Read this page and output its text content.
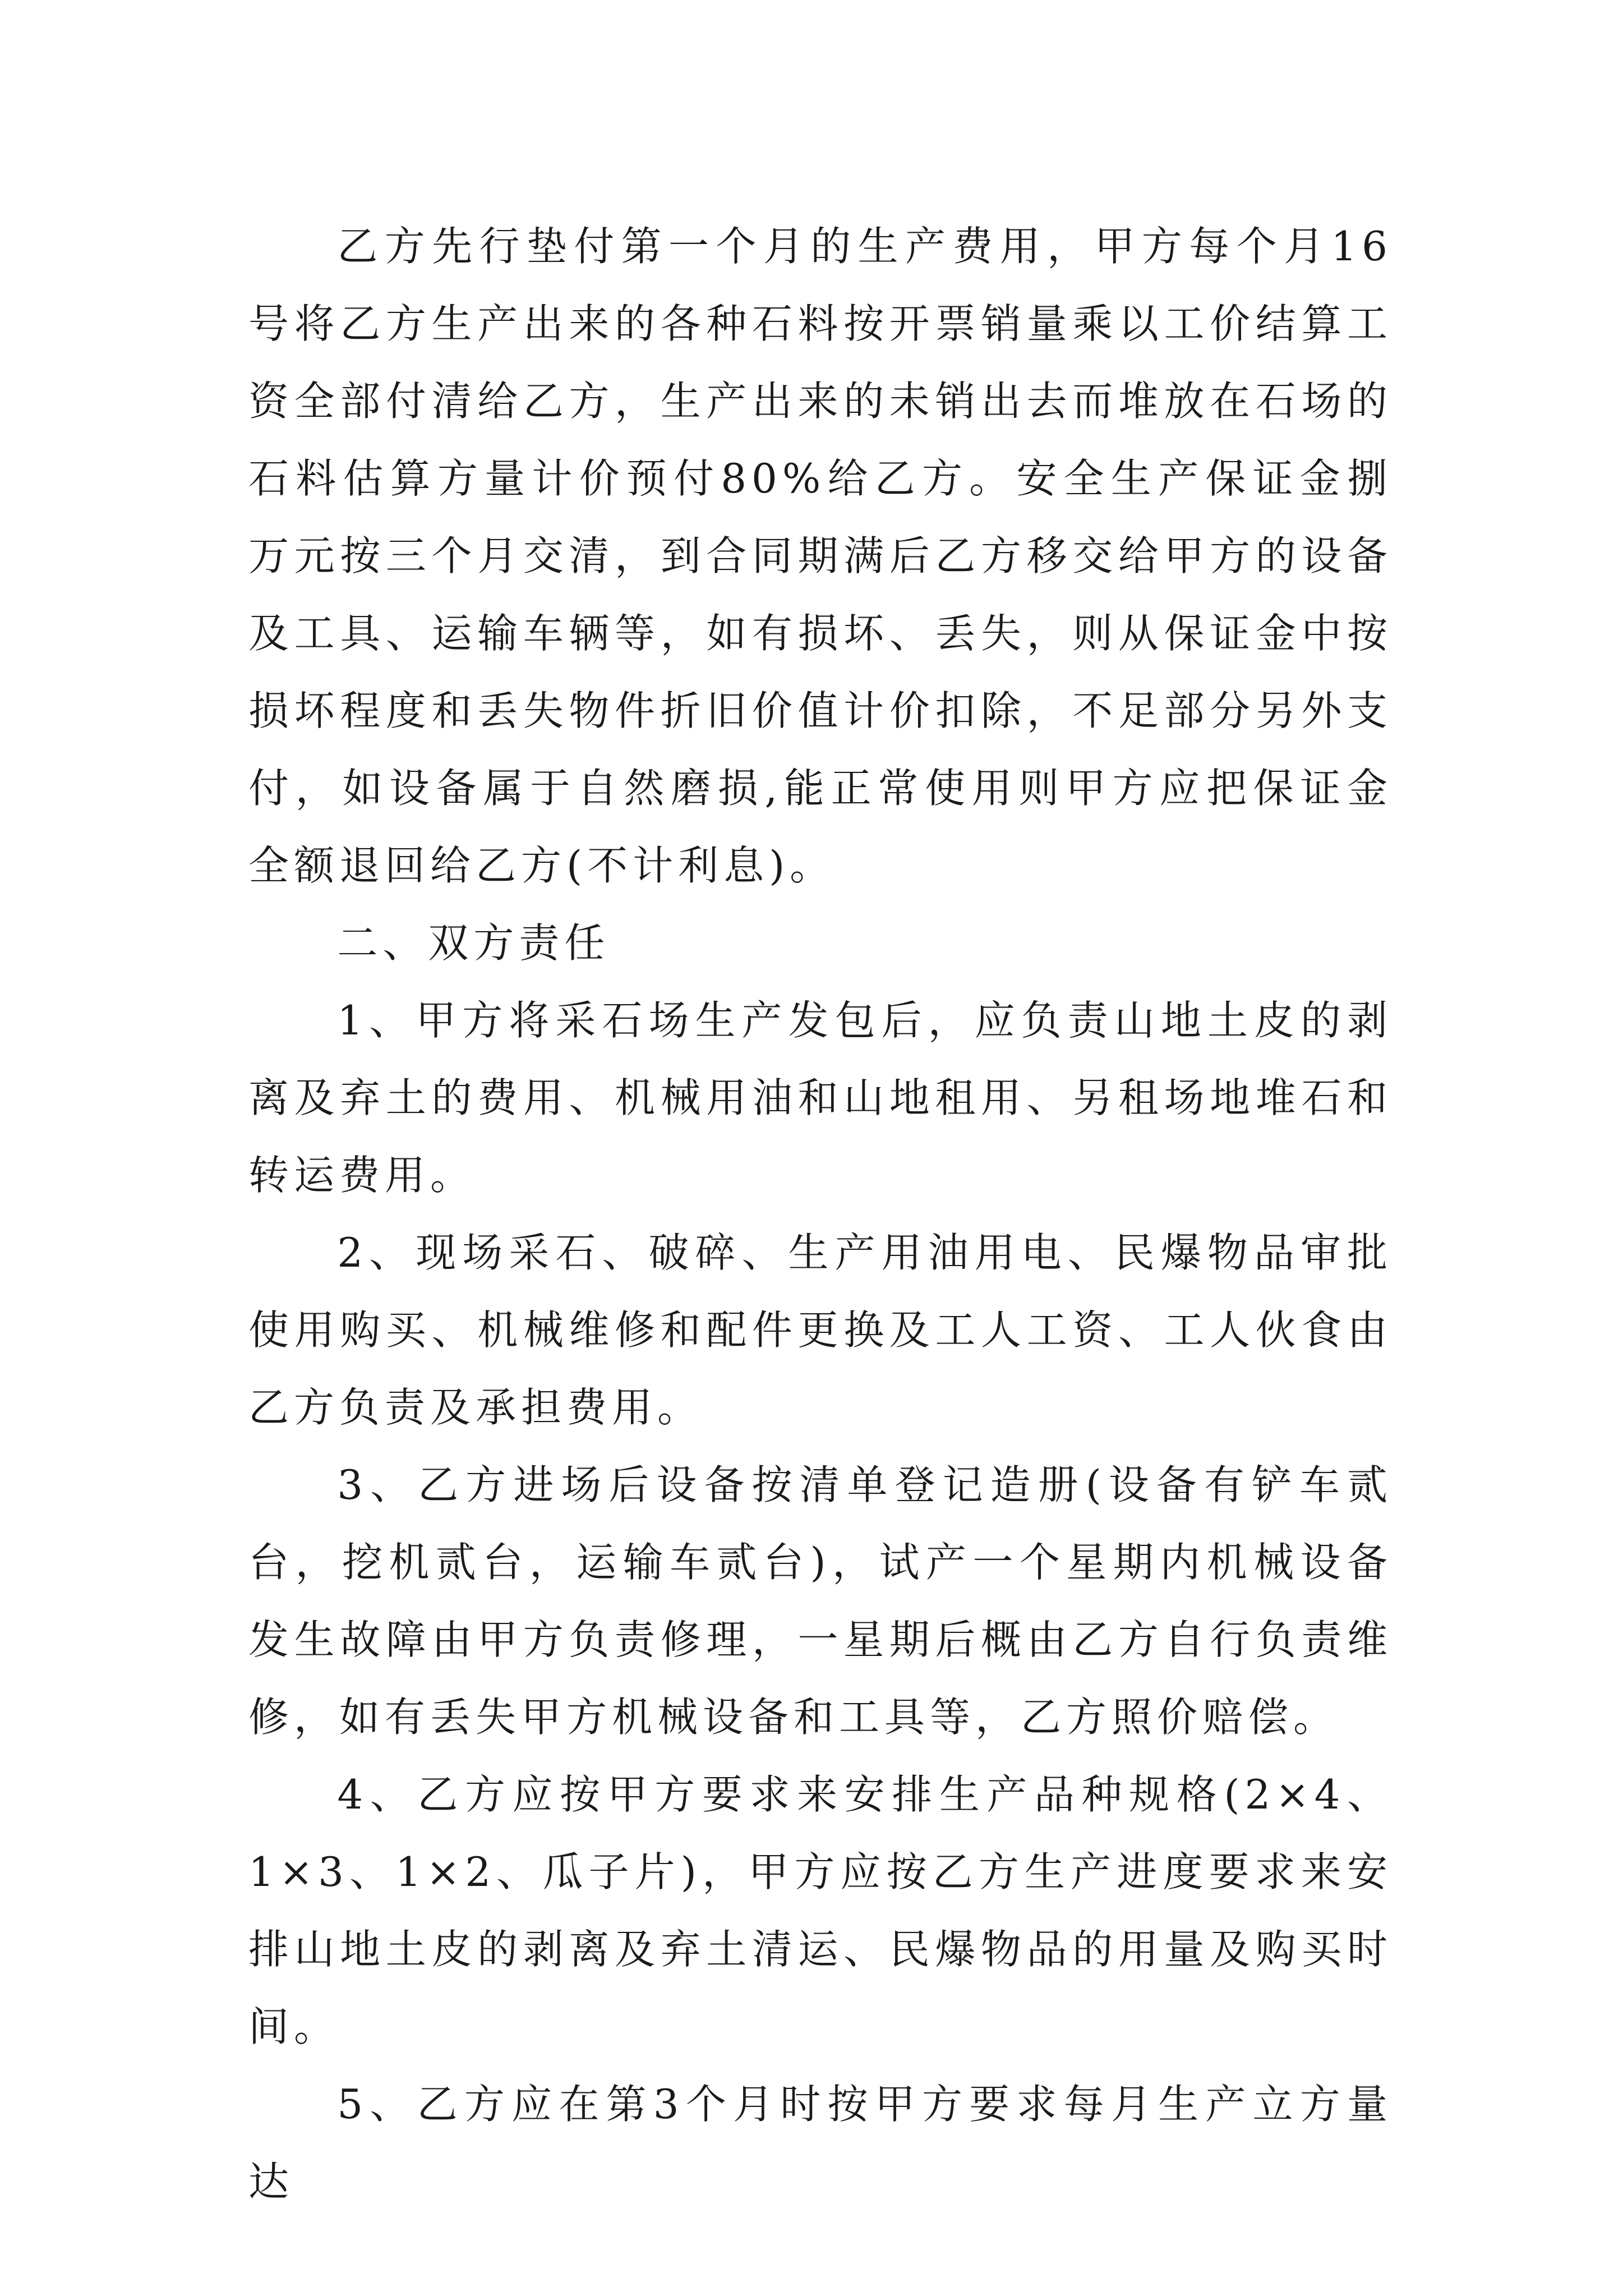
乙方先行垫付第一个月的生产费用，甲方每个月16号将乙方生产出来的各种石料按开票销量乘以工价结算工资全部付清给乙方，生产出来的未销出去而堆放在石场的石料估算方量计价预付80%给乙方。安全生产保证金捌万元按三个月交清，到合同期满后乙方移交给甲方的设备及工具、运输车辆等，如有损坏、丢失，则从保证金中按损坏程度和丢失物件折旧价值计价扣除，不足部分另外支付，如设备属于自然磨损,能正常使用则甲方应把保证金全额退回给乙方(不计利息)。

二、双方责任

1、甲方将采石场生产发包后，应负责山地土皮的剥离及弃土的费用、机械用油和山地租用、另租场地堆石和转运费用。

2、现场采石、破碎、生产用油用电、民爆物品审批使用购买、机械维修和配件更换及工人工资、工人伙食由乙方负责及承担费用。

3、乙方进场后设备按清单登记造册(设备有铲车贰台，挖机贰台，运输车贰台)，试产一个星期内机械设备发生故障由甲方负责修理，一星期后概由乙方自行负责维修，如有丢失甲方机械设备和工具等，乙方照价赔偿。

4、乙方应按甲方要求来安排生产品种规格(2×4、1×3、1×2、瓜子片)，甲方应按乙方生产进度要求来安排山地土皮的剥离及弃土清运、民爆物品的用量及购买时间。

5、乙方应在第3个月时按甲方要求每月生产立方量达
